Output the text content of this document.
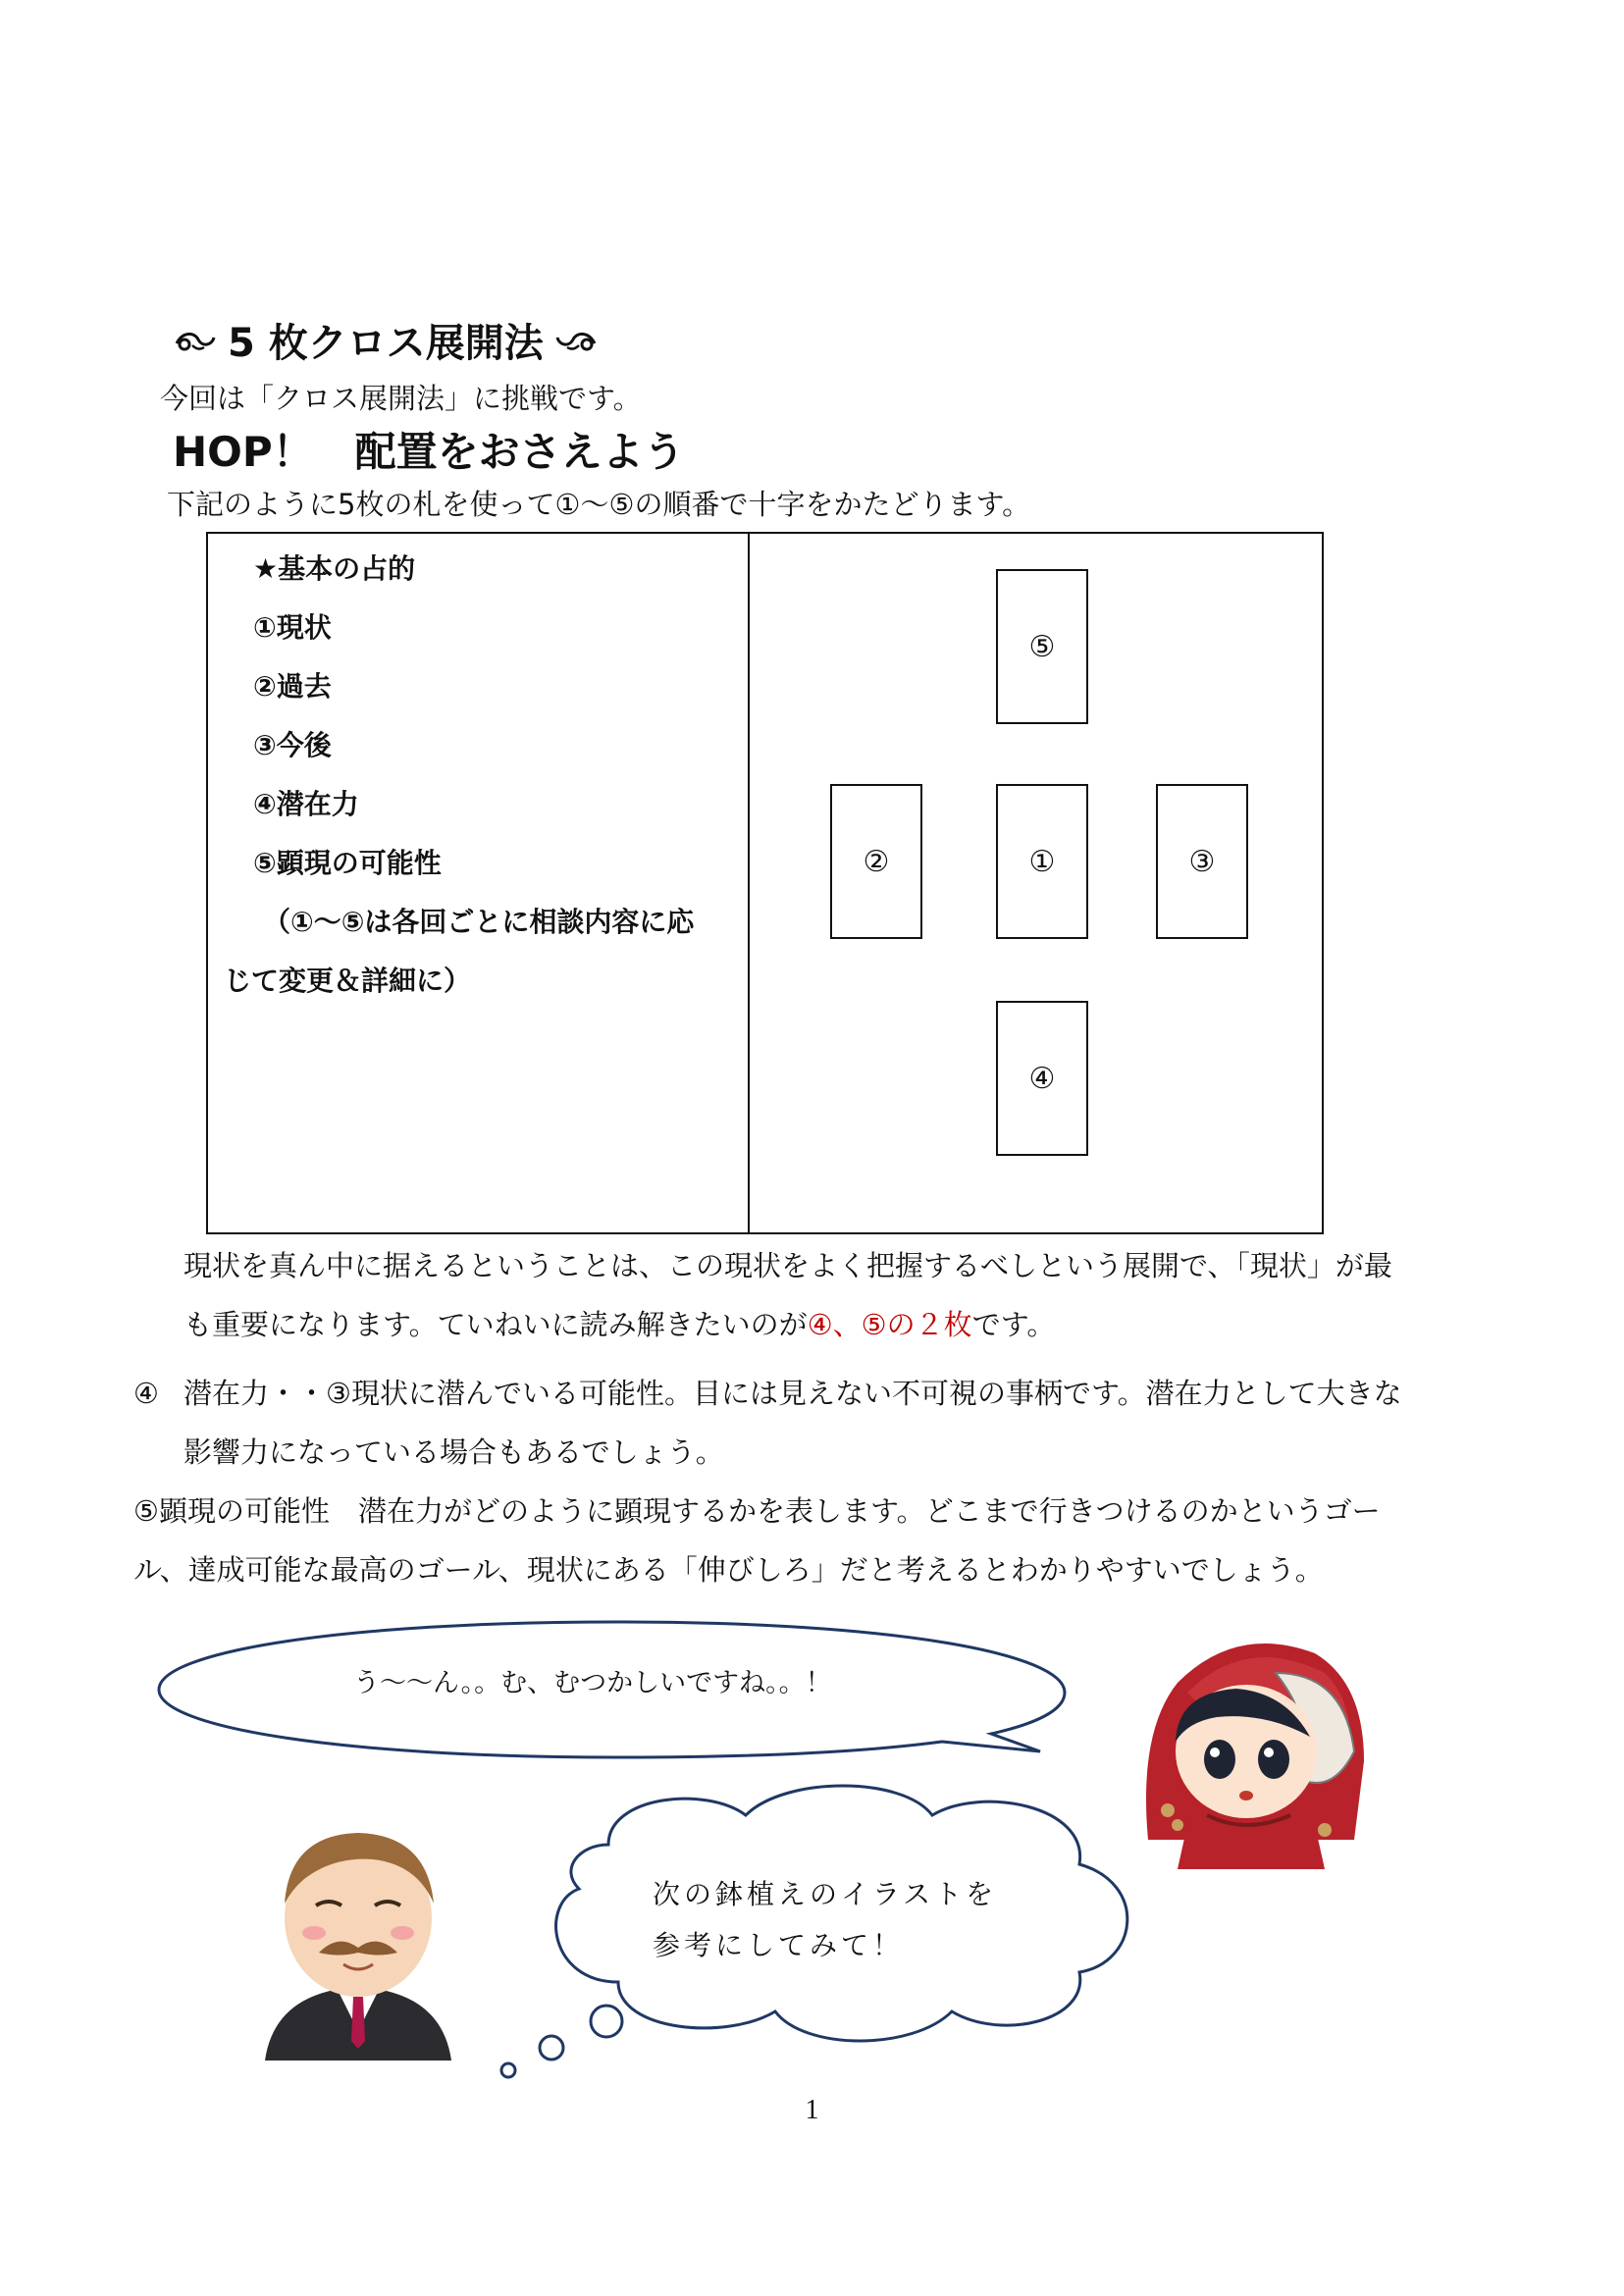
5 枚クロス展開法
今回は「クロス展開法」に挑戦です。
HOP！　配置をおさえよう
下記のように5枚の札を使って①～⑤の順番で十字をかたどります。
★基本の占的
①現状
②過去
③今後
④潜在力
⑤顕現の可能性
（①～⑤は各回ごとに相談内容に応
じて変更＆詳細に）
⑤
②	①	③
④
現状を真ん中に据えるということは、この現状をよく把握するべしという展開で、「現状」が最
も重要になります。ていねいに読み解きたいのが④、⑤の２枚です。
④ 潜在力・・③現状に潜んでいる可能性。目には見えない不可視の事柄です。潜在力として大きな
影響力になっている場合もあるでしょう。
⑤顕現の可能性　潜在力がどのように顕現するかを表します。どこまで行きつけるのかというゴー
ル、達成可能な最高のゴール、現状にある「伸びしろ」だと考えるとわかりやすいでしょう。
う～～ん。。む、むつかしいですね。。！
次の鉢植えのイラストを
参考にしてみて！
1
